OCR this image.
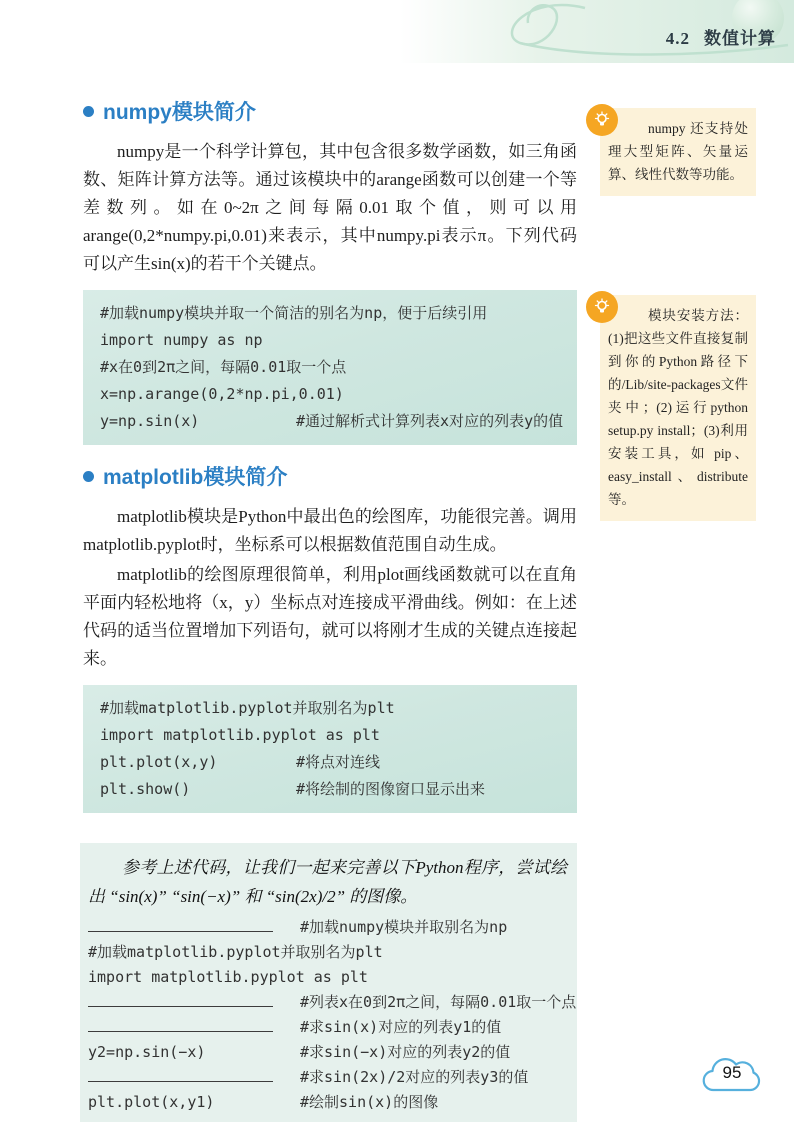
4.2 数值计算
numpy模块简介

numpy是一个科学计算包，其中包含很多数学函数，如三角函数、矩阵计算方法等。通过该模块中的arange函数可以创建一个等差数列。如在0~2π之间每隔0.01取个值，则可以用arange(0,2*numpy.pi,0.01)来表示，其中numpy.pi表示π。下列代码可以产生sin(x)的若干个关键点。

#加载numpy模块并取一个简洁的别名为np，便于后续引用
import numpy as np
#x在0到2π之间，每隔0.01取一个点
x=np.arange(0,2*np.pi,0.01)
y=np.sin(x)	#通过解析式计算列表x对应的列表y的值
matplotlib模块简介

matplotlib模块是Python中最出色的绘图库，功能很完善。调用matplotlib.pyplot时，坐标系可以根据数值范围自动生成。

matplotlib的绘图原理很简单，利用plot画线函数就可以在直角平面内轻松地将（x，y）坐标点对连接成平滑曲线。例如：在上述代码的适当位置增加下列语句，就可以将刚才生成的关键点连接起来。

#加载matplotlib.pyplot并取别名为plt
import matplotlib.pyplot as plt
plt.plot(x,y)	#将点对连线
plt.show()	#将绘制的图像窗口显示出来

参考上述代码，让我们一起来完善以下Python程序，尝试绘出 “sin(x)” “sin(−x)” 和 “sin(2x)/2” 的图像。

#加载numpy模块并取别名为np
#加载matplotlib.pyplot并取别名为plt
import matplotlib.pyplot as plt
#列表x在0到2π之间，每隔0.01取一个点
#求sin(x)对应的列表y1的值
y2=np.sin(−x)	#求sin(−x)对应的列表y2的值
#求sin(2x)/2对应的列表y3的值
plt.plot(x,y1)	#绘制sin(x)的图像
numpy 还支持处理大型矩阵、矢量运算、线性代数等功能。
模块安装方法：(1)把这些文件直接复制到你的Python路径下的/Lib/site-packages文件夹中；(2)运行python setup.py install；(3)利用安装工具，如 pip、easy_install、distribute 等。
95
